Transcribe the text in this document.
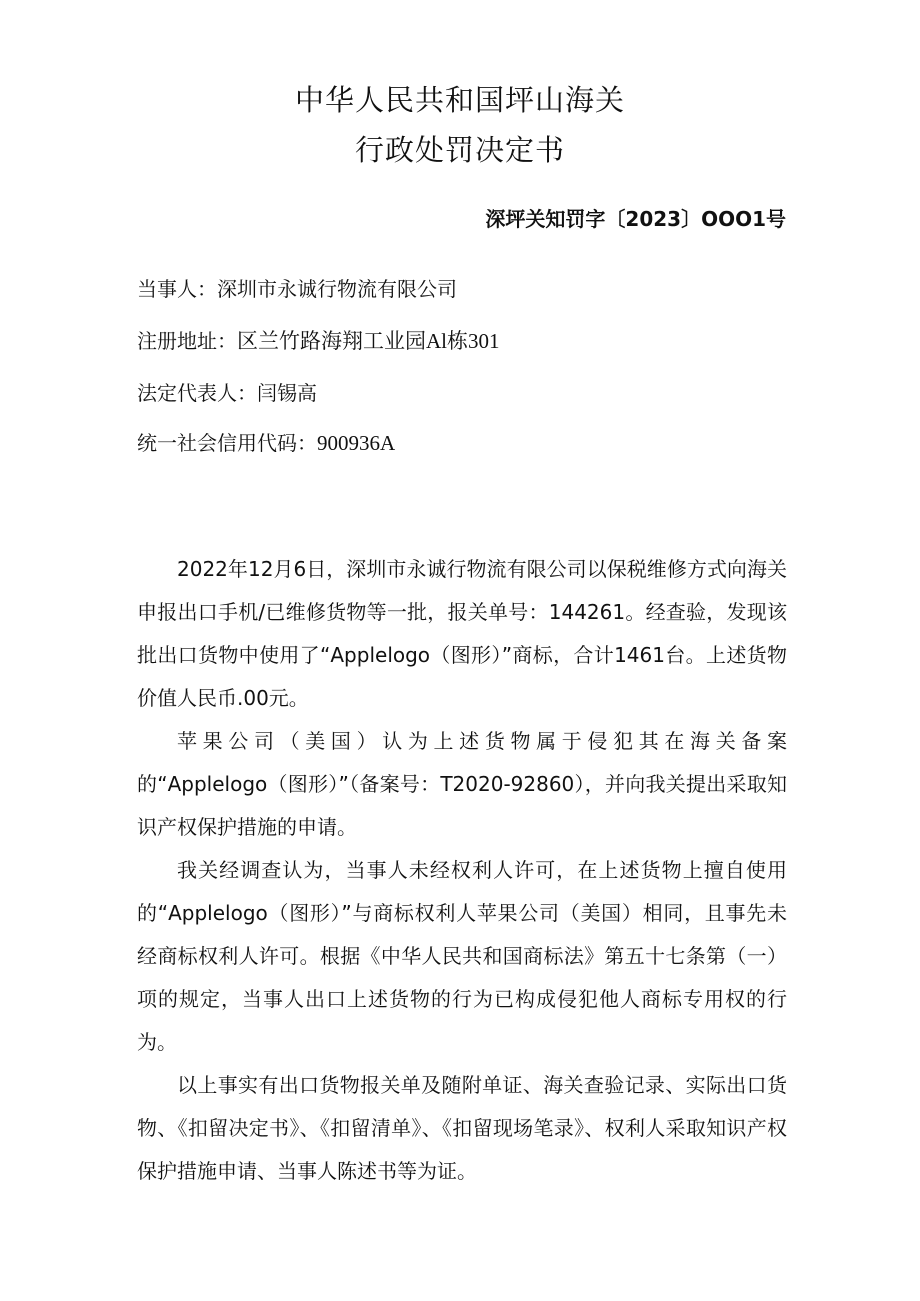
中华人民共和国坪山海关
行政处罚决定书
深坪关知罚字〔2023〕OOO1号
当事人：深圳市永诚行物流有限公司
注册地址：区兰竹路海翔工业园Al栋301
法定代表人：闫锡高
统一社会信用代码：900936A

2022年12月6日，深圳市永诚行物流有限公司以保税维修方式向海关申报出口手机/已维修货物等一批，报关单号：144261。经查验，发现该批出口货物中使用了“Applelogo（图形）”商标，合计1461台。上述货物价值人民币.00元。

苹果公司（美国）认为上述货物属于侵犯其在海关备案的“Applelogo（图形）”（备案号：T2020-92860），并向我关提出采取知识产权保护措施的申请。

我关经调查认为，当事人未经权利人许可，在上述货物上擅自使用的“Applelogo（图形）”与商标权利人苹果公司（美国）相同，且事先未经商标权利人许可。根据《中华人民共和国商标法》第五十七条第（一）项的规定，当事人出口上述货物的行为已构成侵犯他人商标专用权的行为。

以上事实有出口货物报关单及随附单证、海关查验记录、实际出口货物、《扣留决定书》、《扣留清单》、《扣留现场笔录》、权利人采取知识产权保护措施申请、当事人陈述书等为证。
